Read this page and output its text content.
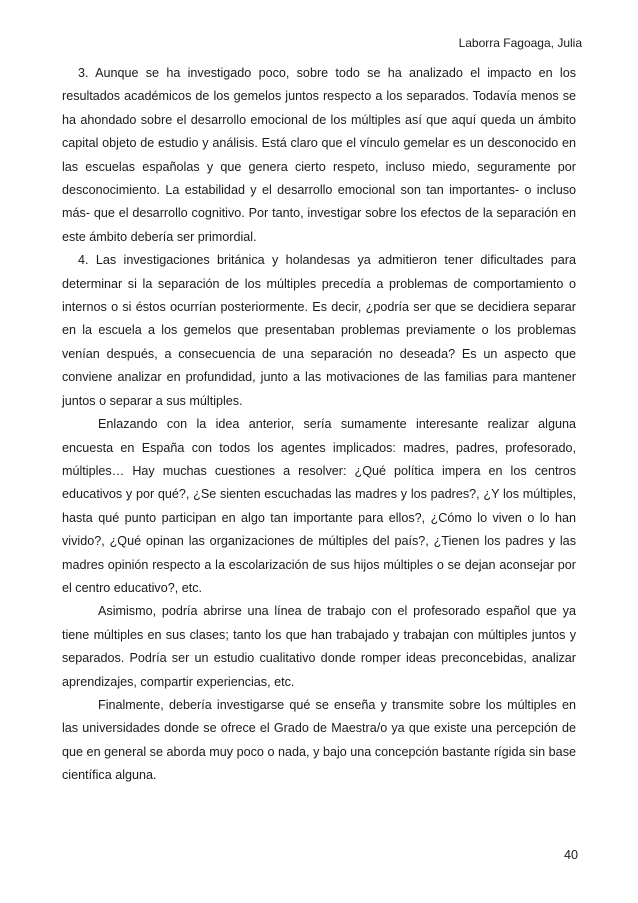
Laborra Fagoaga, Julia

3. Aunque se ha investigado poco, sobre todo se ha analizado el impacto en los resultados académicos de los gemelos juntos respecto a los separados. Todavía menos se ha ahondado sobre el desarrollo emocional de los múltiples así que aquí queda un ámbito capital objeto de estudio y análisis. Está claro que el vínculo gemelar es un desconocido en las escuelas españolas y que genera cierto respeto, incluso miedo, seguramente por desconocimiento. La estabilidad y el desarrollo emocional son tan importantes- o incluso más- que el desarrollo cognitivo. Por tanto, investigar sobre los efectos de la separación en este ámbito debería ser primordial.

4. Las investigaciones británica y holandesas ya admitieron tener dificultades para determinar si la separación de los múltiples precedía a problemas de comportamiento o internos o si éstos ocurrían posteriormente. Es decir, ¿podría ser que se decidiera separar en la escuela a los gemelos que presentaban problemas previamente o los problemas venían después, a consecuencia de una separación no deseada? Es un aspecto que conviene analizar en profundidad, junto a las motivaciones de las familias para mantener juntos o separar a sus múltiples.

Enlazando con la idea anterior, sería sumamente interesante realizar alguna encuesta en España con todos los agentes implicados: madres, padres, profesorado, múltiples… Hay muchas cuestiones a resolver: ¿Qué política impera en los centros educativos y por qué?, ¿Se sienten escuchadas las madres y los padres?, ¿Y los múltiples, hasta qué punto participan en algo tan importante para ellos?, ¿Cómo lo viven o lo han vivido?, ¿Qué opinan las organizaciones de múltiples del país?, ¿Tienen los padres y las madres opinión respecto a la escolarización de sus hijos múltiples o se dejan aconsejar por el centro educativo?, etc.

Asimismo, podría abrirse una línea de trabajo con el profesorado español que ya tiene múltiples en sus clases; tanto los que han trabajado y trabajan con múltiples juntos y separados. Podría ser un estudio cualitativo donde romper ideas preconcebidas, analizar aprendizajes, compartir experiencias, etc.

Finalmente, debería investigarse qué se enseña y transmite sobre los múltiples en las universidades donde se ofrece el Grado de Maestra/o ya que existe una percepción de que en general se aborda muy poco o nada, y bajo una concepción bastante rígida sin base científica alguna.

40
